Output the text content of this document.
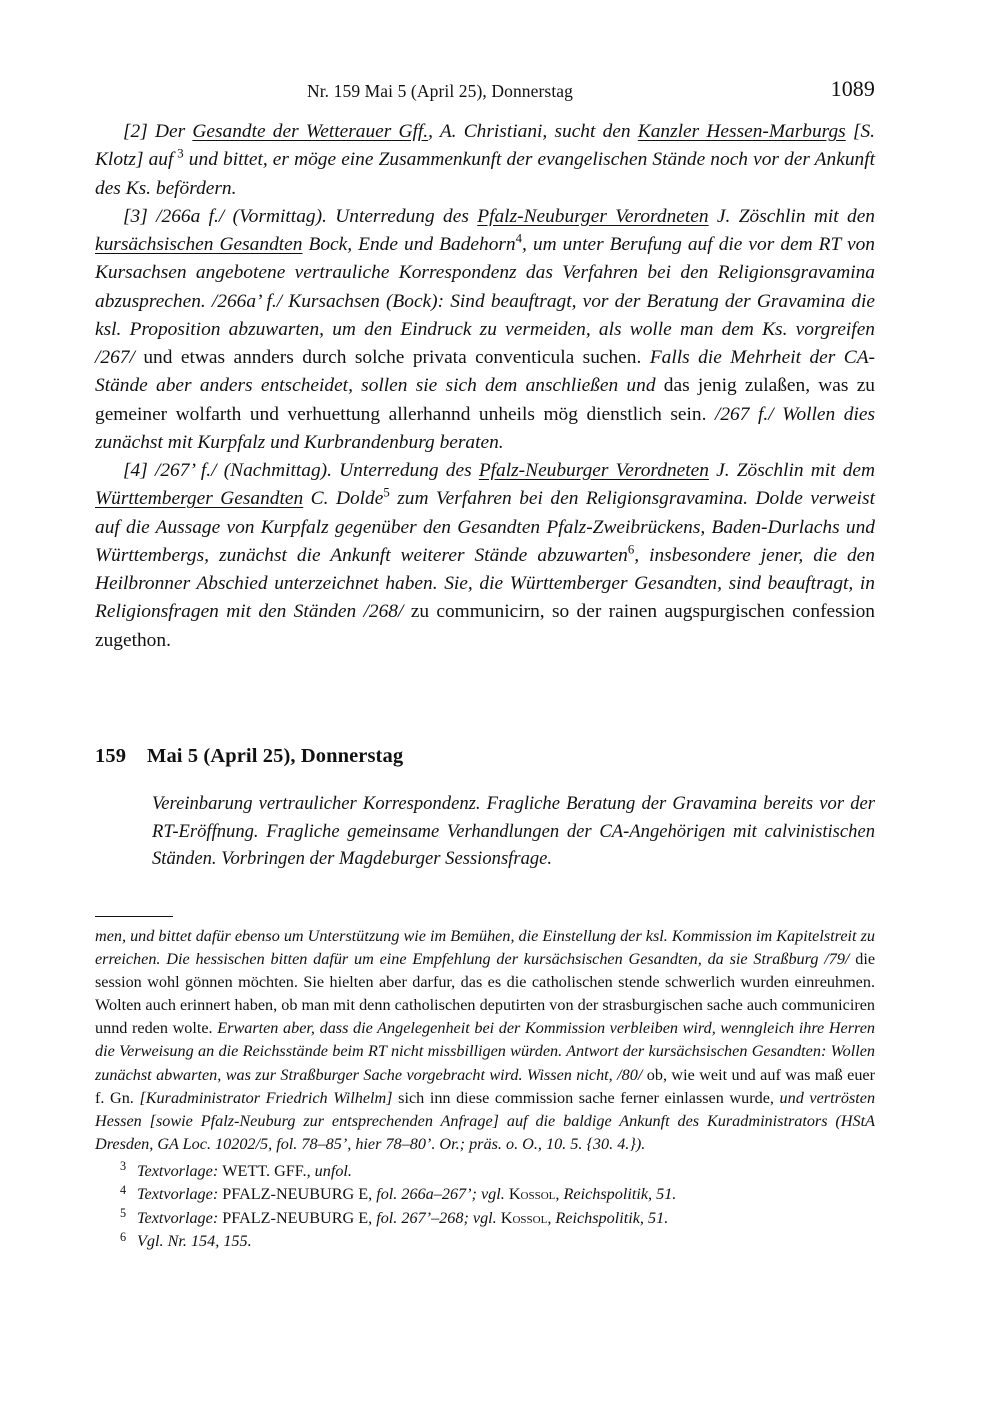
Nr. 159 Mai 5 (April 25), Donnerstag	1089

[2] Der Gesandte der Wetterauer Gff., A. Christiani, sucht den Kanzler Hessen-Marburgs [S. Klotz] auf $^3$ und bittet, er möge eine Zusammenkunft der evangelischen Stände noch vor der Ankunft des Ks. befördern.

[3] /266a f./ (Vormittag). Unterredung des Pfalz-Neuburger Verordneten J. Zöschlin mit den kursächsischen Gesandten Bock, Ende und Badehorn$^4$, um unter Berufung auf die vor dem RT von Kursachsen angebotene vertrauliche Korrespondenz das Verfahren bei den Religionsgravamina abzusprechen. /266a’ f./ Kursachsen (Bock): Sind beauftragt, vor der Beratung der Gravamina die ksl. Proposition abzuwarten, um den Eindruck zu vermeiden, als wolle man dem Ks. vorgreifen /267/ und etwas annders durch solche privata conventicula suchen. Falls die Mehrheit der CA-Stände aber anders entscheidet, sollen sie sich dem anschließen und das jenig zulaßen, was zu gemeiner wolfarth und verhuettung allerhannd unheils mög dienstlich sein. /267 f./ Wollen dies zunächst mit Kurpfalz und Kurbrandenburg beraten.

[4] /267’ f./ (Nachmittag). Unterredung des Pfalz-Neuburger Verordneten J. Zöschlin mit dem Württemberger Gesandten C. Dolde$^5$ zum Verfahren bei den Religionsgravamina. Dolde verweist auf die Aussage von Kurpfalz gegenüber den Gesandten Pfalz-Zweibrückens, Baden-Durlachs und Württembergs, zunächst die Ankunft weiterer Stände abzuwarten$^6$, insbesondere jener, die den Heilbronner Abschied unterzeichnet haben. Sie, die Württemberger Gesandten, sind beauftragt, in Religionsfragen mit den Ständen /268/ zu communicirn, so der rainen augspurgischen confession zugethon.

159 Mai 5 (April 25), Donnerstag

Vereinbarung vertraulicher Korrespondenz. Fragliche Beratung der Gravamina bereits vor der RT-Eröffnung. Fragliche gemeinsame Verhandlungen der CA-Angehörigen mit calvinistischen Ständen. Vorbringen der Magdeburger Sessionsfrage.

men, und bittet dafür ebenso um Unterstützung wie im Bemühen, die Einstellung der ksl. Kommission im Kapitelstreit zu erreichen. Die hessischen bitten dafür um eine Empfehlung der kursächsischen Gesandten, da sie Straßburg /79/ die session wohl gönnen möchten. Sie hielten aber darfur, das es die catholischen stende schwerlich wurden einreuhmen. Wolten auch erinnert haben, ob man mit denn catholischen deputirten von der strasburgischen sache auch communiciren unnd reden wolte. Erwarten aber, dass die Angelegenheit bei der Kommission verbleiben wird, wenngleich ihre Herren die Verweisung an die Reichsstände beim RT nicht missbilligen würden. Antwort der kursächsischen Gesandten: Wollen zunächst abwarten, was zur Straßburger Sache vorgebracht wird. Wissen nicht, /80/ ob, wie weit und auf was maß euer f. Gn. [Kuradministrator Friedrich Wilhelm] sich inn diese commission sache ferner einlassen wurde, und vertrösten Hessen [sowie Pfalz-Neuburg zur entsprechenden Anfrage] auf die baldige Ankunft des Kuradministrators (HStA Dresden, GA Loc. 10202/5, fol. 78–85’, hier 78–80’. Or.; präs. o. O., 10. 5. {30. 4.}).

3 Textvorlage: WETT. GFF., unfol.
4 Textvorlage: PFALZ-NEUBURG E, fol. 266a–267’; vgl. Kossol, Reichspolitik, 51.
5 Textvorlage: PFALZ-NEUBURG E, fol. 267’–268; vgl. Kossol, Reichspolitik, 51.
6 Vgl. Nr. 154, 155.
